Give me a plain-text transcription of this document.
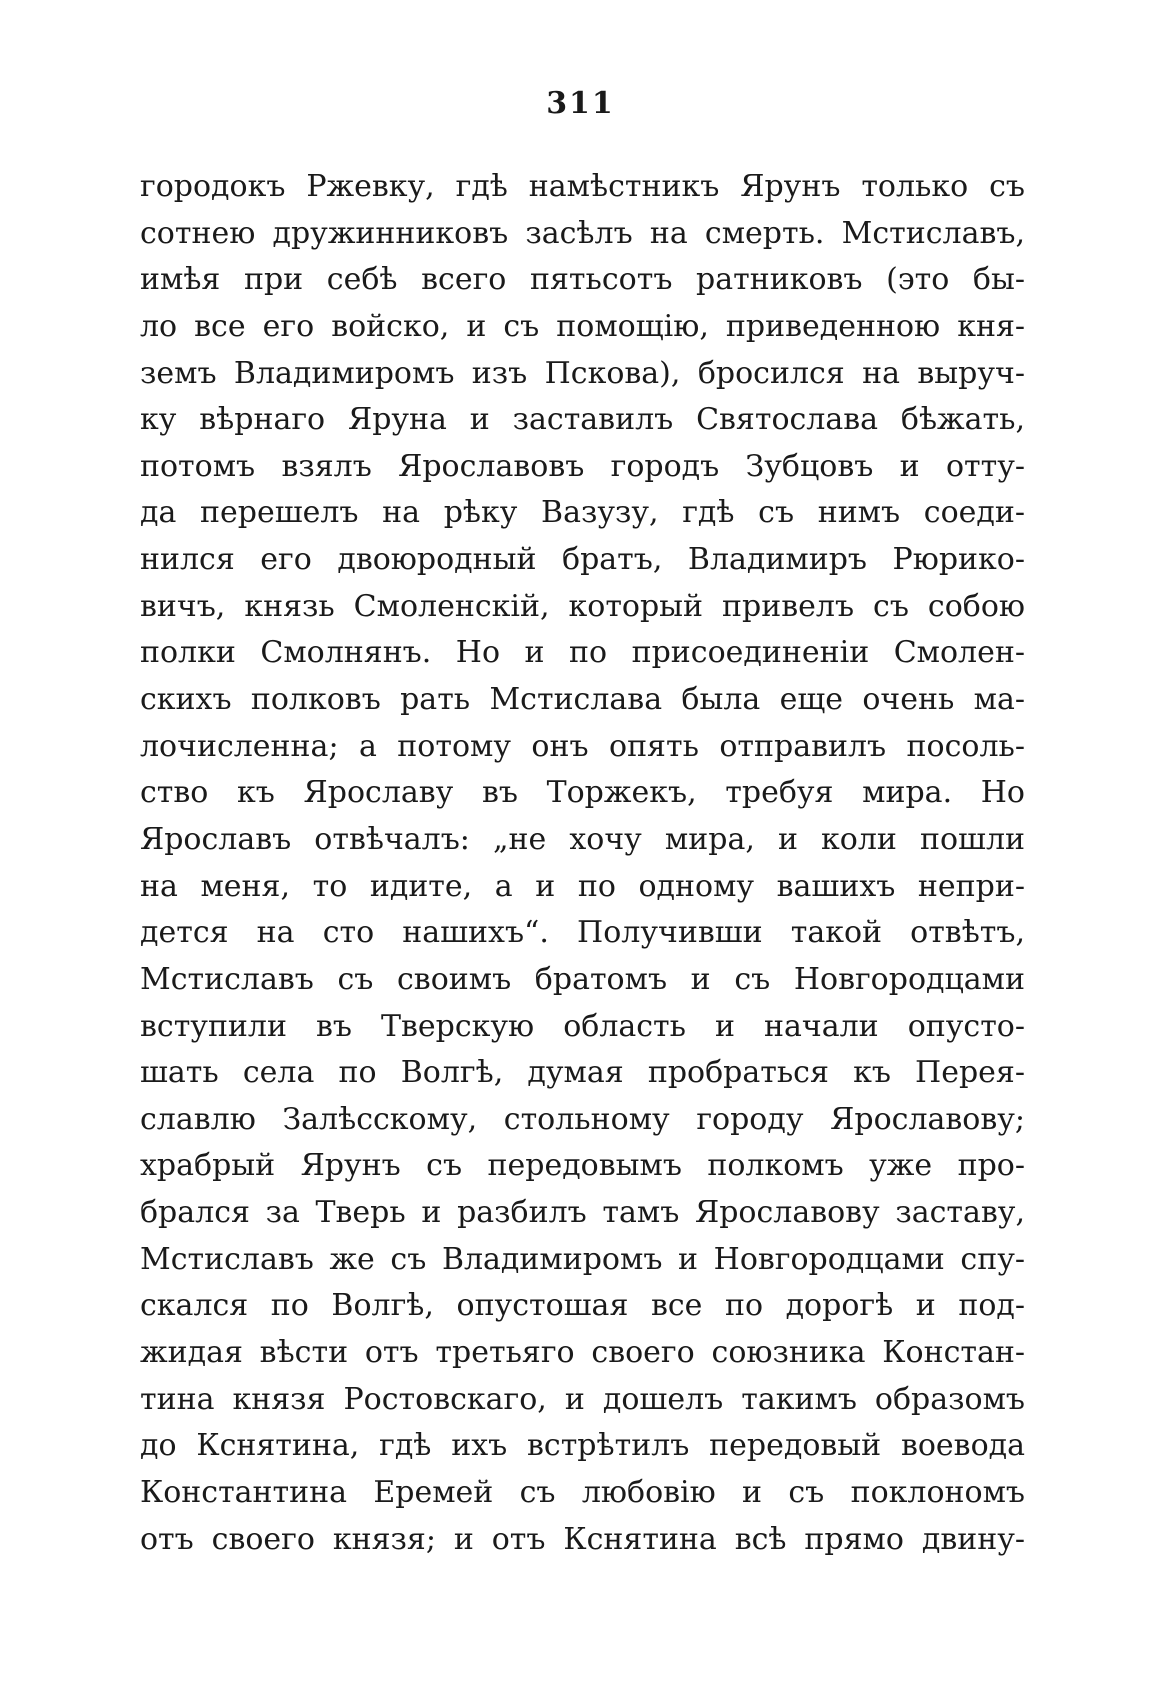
311
городокъ Ржевку, гдѣ намѣстникъ Ярунъ только съ
сотнею дружинниковъ засѣлъ на смерть. Мстиславъ,
имѣя при себѣ всего пятьсотъ ратниковъ (это бы-
ло все его войско, и съ помощію, приведенною кня-
земъ Владимиромъ изъ Пскова), бросился на выруч-
ку вѣрнаго Яруна и заставилъ Святослава бѣжать,
потомъ взялъ Ярославовъ городъ Зубцовъ и отту-
да перешелъ на рѣку Вазузу, гдѣ съ нимъ соеди-
нился его двоюродный братъ, Владимиръ Рюрико-
вичъ, князь Смоленскій, который привелъ съ собою
полки Смолнянъ. Но и по присоединеніи Смолен-
скихъ полковъ рать Мстислава была еще очень ма-
лочисленна; а потому онъ опять отправилъ посоль-
ство къ Ярославу въ Торжекъ, требуя мира. Но
Ярославъ отвѣчалъ: „не хочу мира, и коли пошли
на меня, то идите, а и по одному вашихъ непри-
дется на сто нашихъ“. Получивши такой отвѣтъ,
Мстиславъ съ своимъ братомъ и съ Новгородцами
вступили въ Тверскую область и начали опусто-
шать села по Волгѣ, думая пробраться къ Перея-
славлю Залѣсскому, стольному городу Ярославову;
храбрый Ярунъ съ передовымъ полкомъ уже про-
брался за Тверь и разбилъ тамъ Ярославову заставу,
Мстиславъ же съ Владимиромъ и Новгородцами спу-
скался по Волгѣ, опустошая все по дорогѣ и под-
жидая вѣсти отъ третьяго своего союзника Констан-
тина князя Ростовскаго, и дошелъ такимъ образомъ
до Кснятина, гдѣ ихъ встрѣтилъ передовый воевода
Константина Еремей съ любовію и съ поклономъ
отъ своего князя; и отъ Кснятина всѣ прямо двину-
